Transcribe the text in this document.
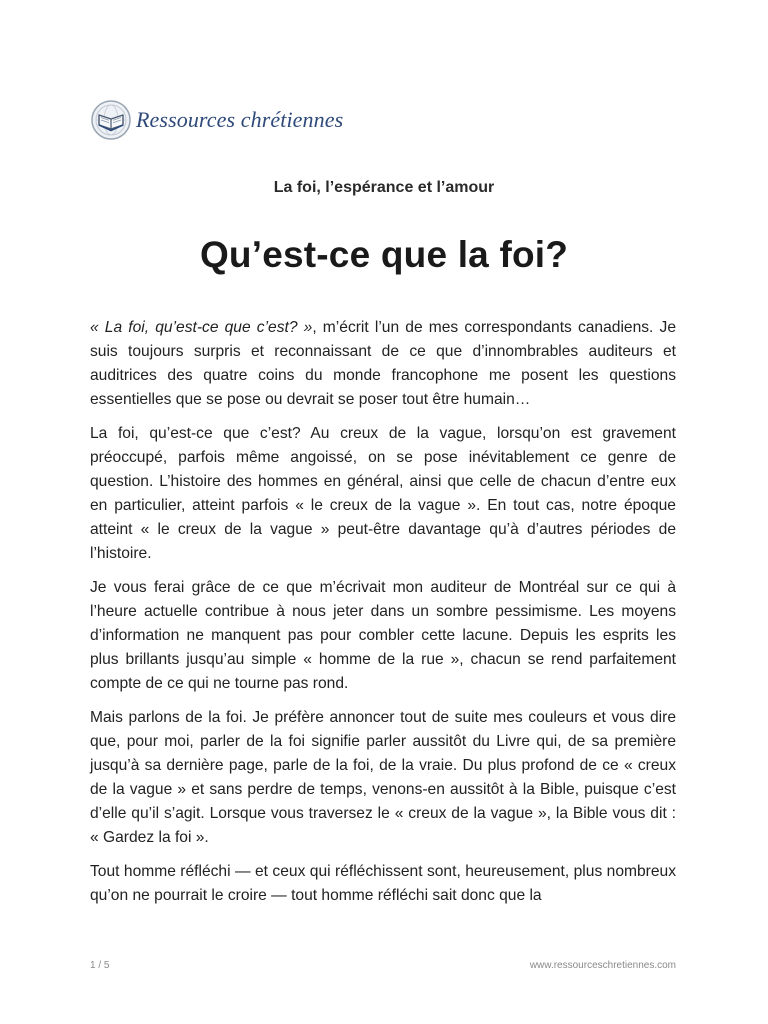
Ressources chrétiennes
La foi, l’espérance et l’amour
Qu’est-ce que la foi?

« La foi, qu’est-ce que c’est? », m’écrit l’un de mes correspondants canadiens. Je suis toujours surpris et reconnaissant de ce que d’innombrables auditeurs et auditrices des quatre coins du monde francophone me posent les questions essentielles que se pose ou devrait se poser tout être humain…

La foi, qu’est-ce que c’est? Au creux de la vague, lorsqu’on est gravement préoccupé, parfois même angoissé, on se pose inévitablement ce genre de question. L’histoire des hommes en général, ainsi que celle de chacun d’entre eux en particulier, atteint parfois « le creux de la vague ». En tout cas, notre époque atteint « le creux de la vague » peut-être davantage qu’à d’autres périodes de l’histoire.

Je vous ferai grâce de ce que m’écrivait mon auditeur de Montréal sur ce qui à l’heure actuelle contribue à nous jeter dans un sombre pessimisme. Les moyens d’information ne manquent pas pour combler cette lacune. Depuis les esprits les plus brillants jusqu’au simple « homme de la rue », chacun se rend parfaitement compte de ce qui ne tourne pas rond.

Mais parlons de la foi. Je préfère annoncer tout de suite mes couleurs et vous dire que, pour moi, parler de la foi signifie parler aussitôt du Livre qui, de sa première jusqu’à sa dernière page, parle de la foi, de la vraie. Du plus profond de ce « creux de la vague » et sans perdre de temps, venons-en aussitôt à la Bible, puisque c’est d’elle qu’il s’agit. Lorsque vous traversez le « creux de la vague », la Bible vous dit : « Gardez la foi ».

Tout homme réfléchi — et ceux qui réfléchissent sont, heureusement, plus nombreux qu’on ne pourrait le croire — tout homme réfléchi sait donc que la

1 / 5	www.ressourceschretiennes.com
